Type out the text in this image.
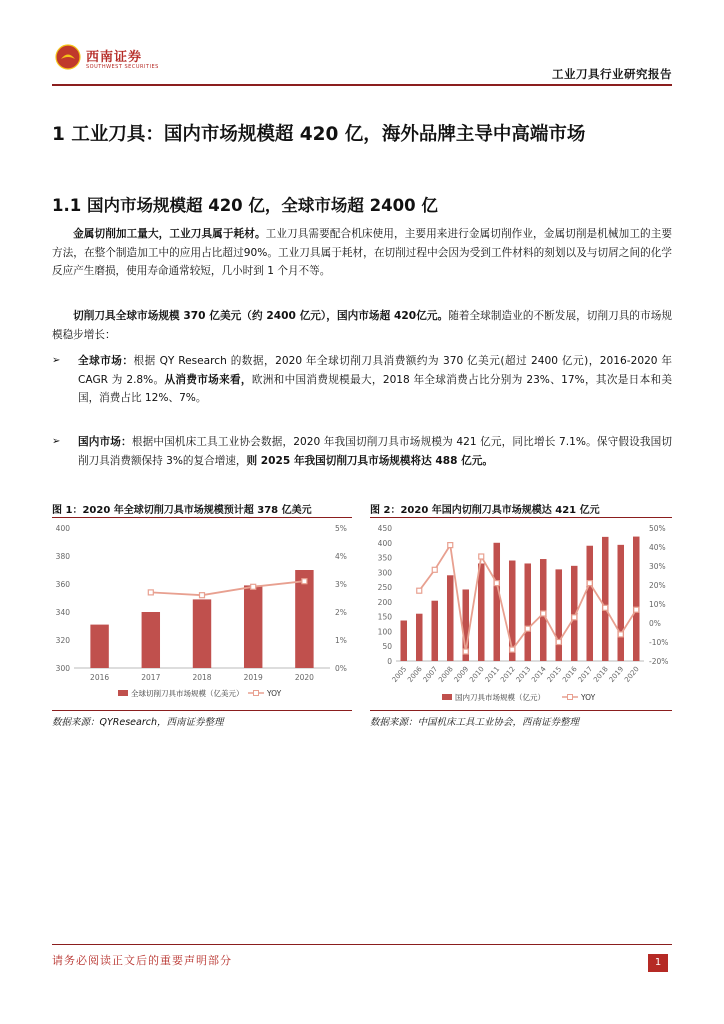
西南证券
SOUTHWEST SECURITIES	工业刀具行业研究报告
1 工业刀具：国内市场规模超 420 亿，海外品牌主导中高端市场
1.1 国内市场规模超 420 亿，全球市场超 2400 亿
金属切削加工量大，工业刀具属于耗材。工业刀具需要配合机床使用，主要用来进行金属切削作业，金属切削是机械加工的主要方法，在整个制造加工中的应用占比超过90%。工业刀具属于耗材，在切削过程中会因为受到工件材料的刻划以及与切屑之间的化学反应产生磨损，使用寿命通常较短，几小时到 1 个月不等。
切削刀具全球市场规模 370 亿美元（约 2400 亿元），国内市场超 420亿元。随着全球制造业的不断发展，切削刀具的市场规模稳步增长：
➢ 全球市场：根据 QY Research 的数据，2020 年全球切削刀具消费额约为 370 亿美元(超过 2400 亿元)，2016-2020 年 CAGR 为 2.8%。从消费市场来看，欧洲和中国消费规模最大，2018 年全球消费占比分别为 23%、17%，其次是日本和美国，消费占比 12%、7%。
➢ 国内市场：根据中国机床工具工业协会数据，2020 年我国切削刀具市场规模为 421 亿元，同比增长 7.1%。保守假设我国切削刀具消费额保持 3%的复合增速，则 2025 年我国切削刀具市场规模将达 488 亿元。
图 1：2020 年全球切削刀具市场规模预计超 378 亿美元
300
320
340
360
380
400
0%
1%
2%
3%
4%
5%
2016	2017	2018	2019	2020
全球切削刀具市场规模（亿美元）	YOY
数据来源：QYResearch，西南证券整理
图 2：2020 年国内切削刀具市场规模达 421 亿元
0
50
100
150
200
250
300
350
400
450
-20%
-10%
0%
10%
20%
30%
40%
50%
2005
2006
2007
2008
2009
2010
2011
2012
2013
2014
2015
2016
2017
2018
2019
2020
国内刀具市场规模（亿元）	YOY
数据来源：中国机床工具工业协会，西南证券整理
请务必阅读正文后的重要声明部分	1
